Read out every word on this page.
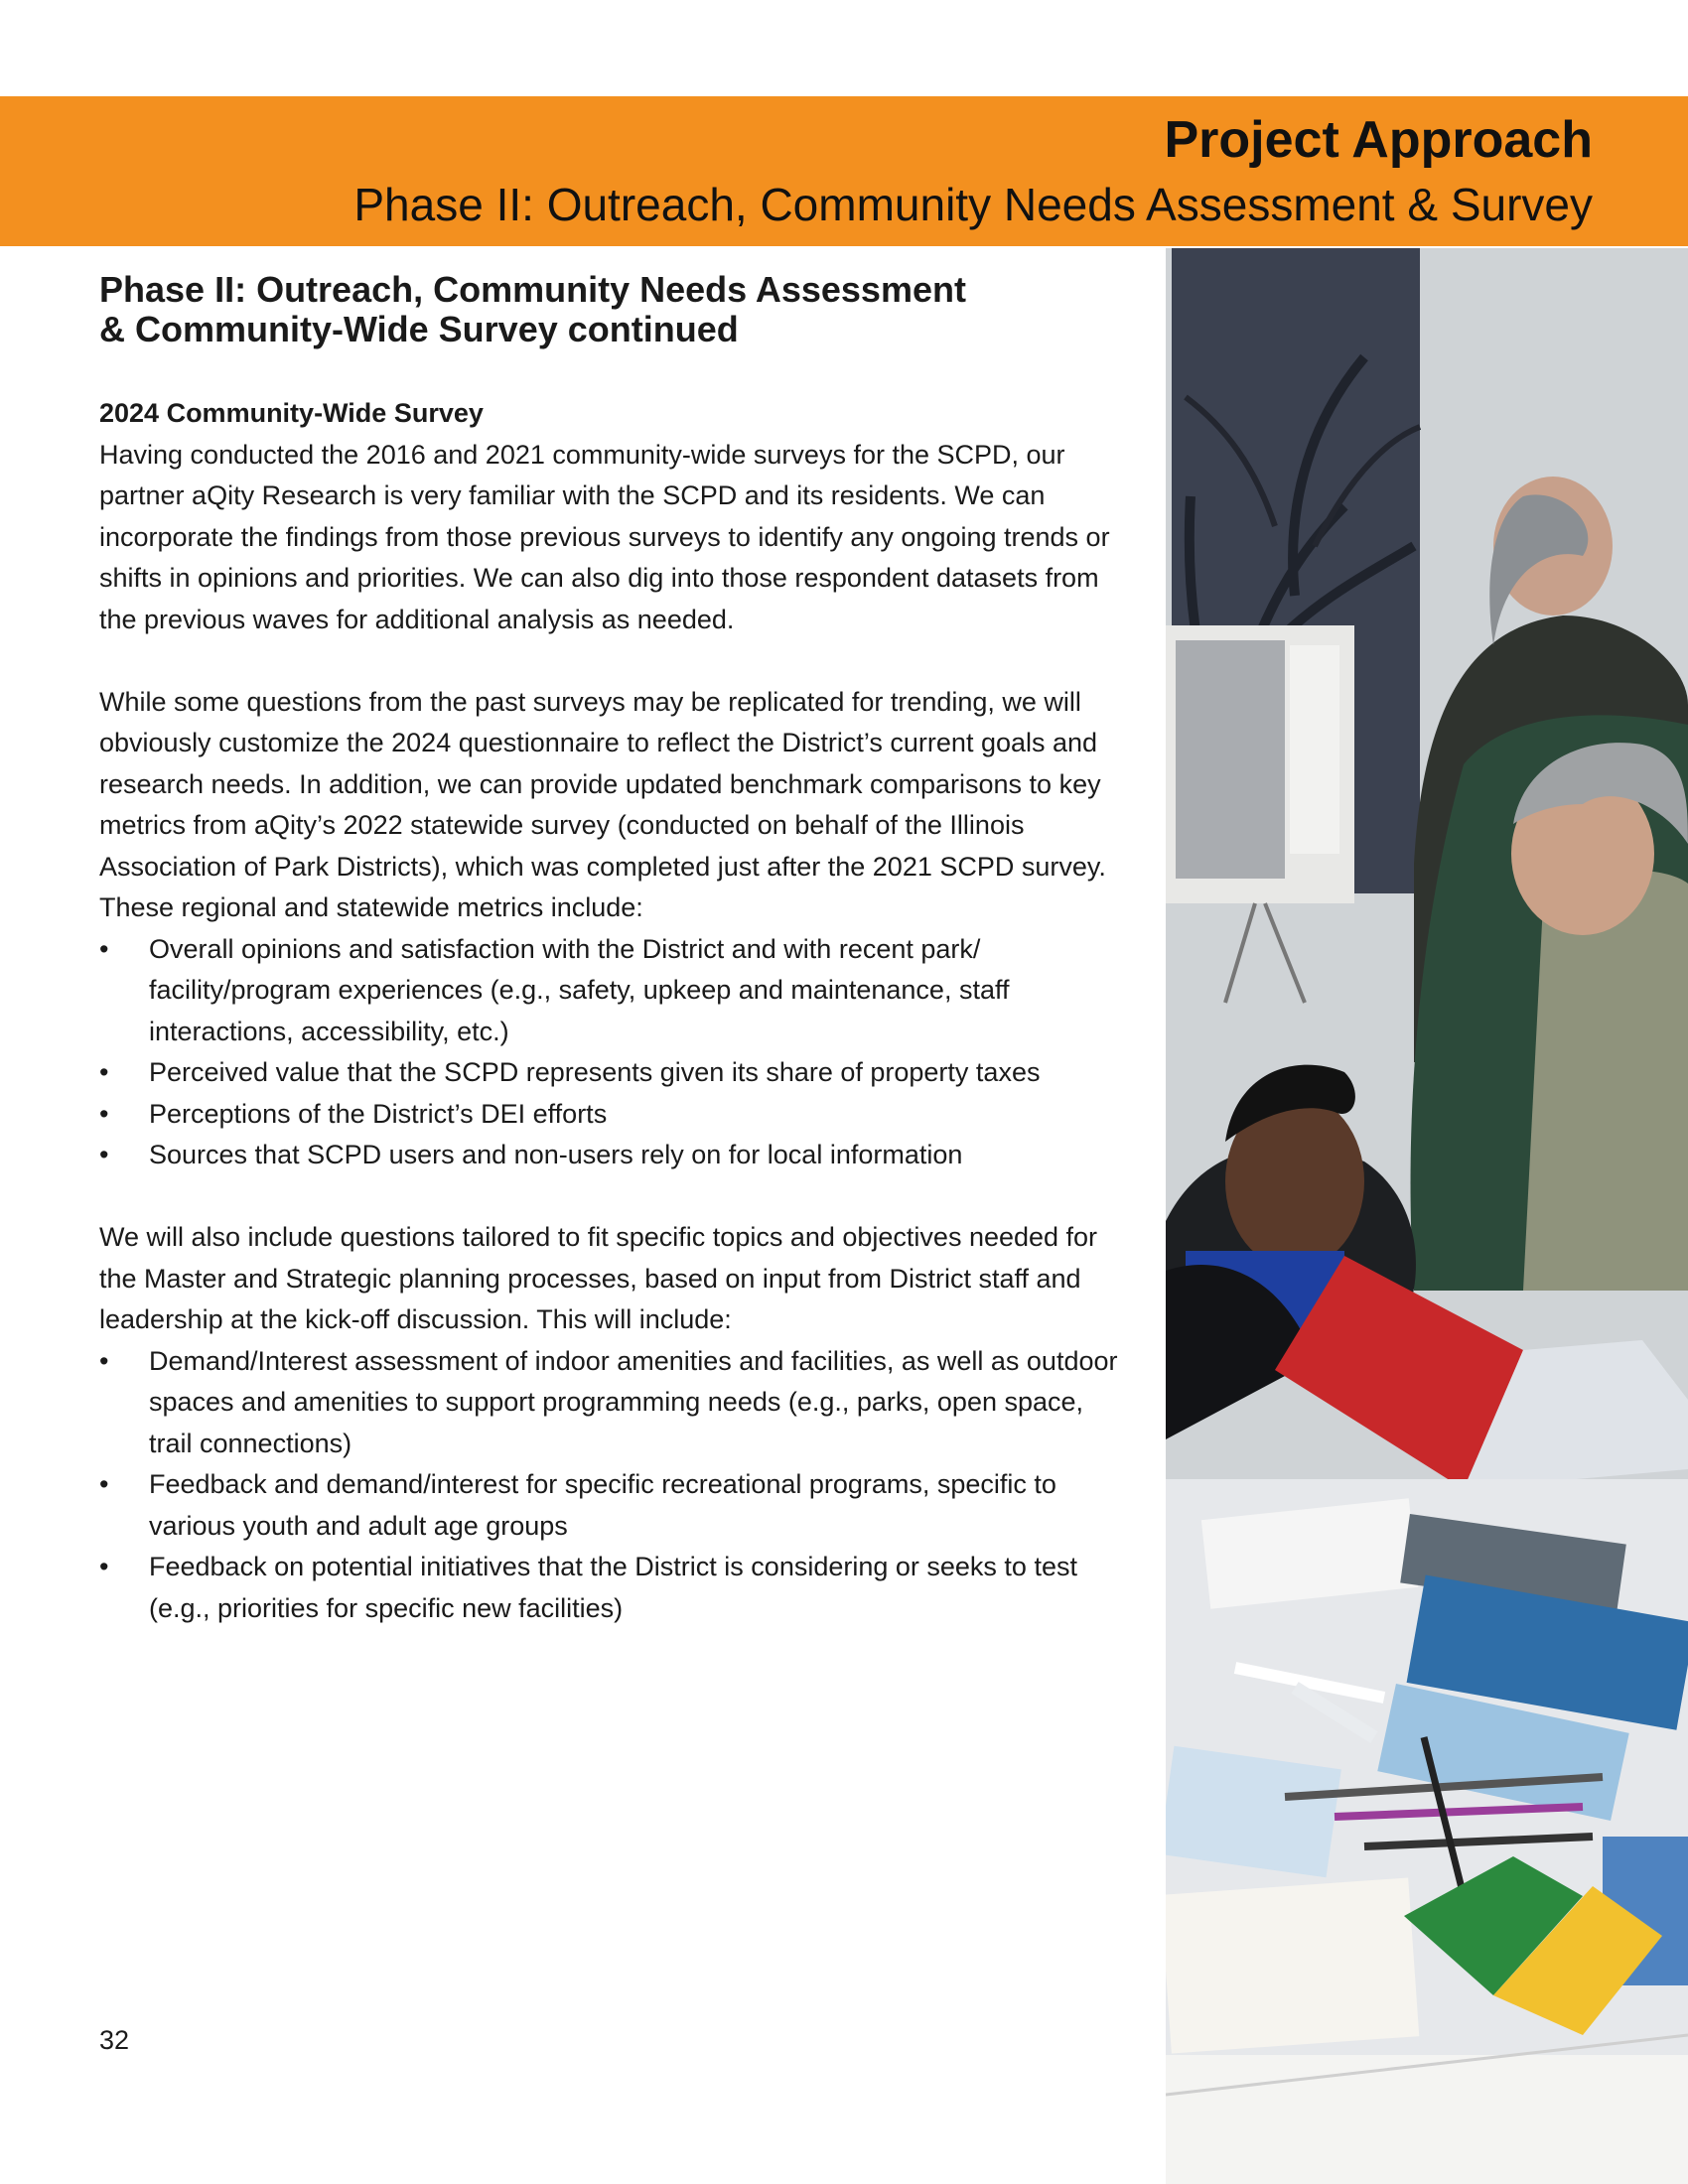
Project Approach
Phase II: Outreach, Community Needs Assessment & Survey
Phase II: Outreach, Community Needs Assessment
& Community-Wide Survey continued
2024 Community-Wide Survey

Having conducted the 2016 and 2021 community-wide surveys for the SCPD, our partner aQity Research is very familiar with the SCPD and its residents. We can incorporate the findings from those previous surveys to identify any ongoing trends or shifts in opinions and priorities. We can also dig into those respondent datasets from the previous waves for additional analysis as needed.

While some questions from the past surveys may be replicated for trending, we will obviously customize the 2024 questionnaire to reflect the District’s current goals and research needs. In addition, we can provide updated benchmark comparisons to key metrics from aQity’s 2022 statewide survey (conducted on behalf of the Illinois Association of Park Districts), which was completed just after the 2021 SCPD survey. These regional and statewide metrics include:

• Overall opinions and satisfaction with the District and with recent park/ facility/program experiences (e.g., safety, upkeep and maintenance, staff interactions, accessibility, etc.)
• Perceived value that the SCPD represents given its share of property taxes
• Perceptions of the District’s DEI efforts
• Sources that SCPD users and non-users rely on for local information

We will also include questions tailored to fit specific topics and objectives needed for the Master and Strategic planning processes, based on input from District staff and leadership at the kick-off discussion. This will include:

• Demand/Interest assessment of indoor amenities and facilities, as well as outdoor spaces and amenities to support programming needs (e.g., parks, open space, trail connections)
• Feedback and demand/interest for specific recreational programs, specific to various youth and adult age groups
• Feedback on potential initiatives that the District is considering or seeks to test (e.g., priorities for specific new facilities)
32
